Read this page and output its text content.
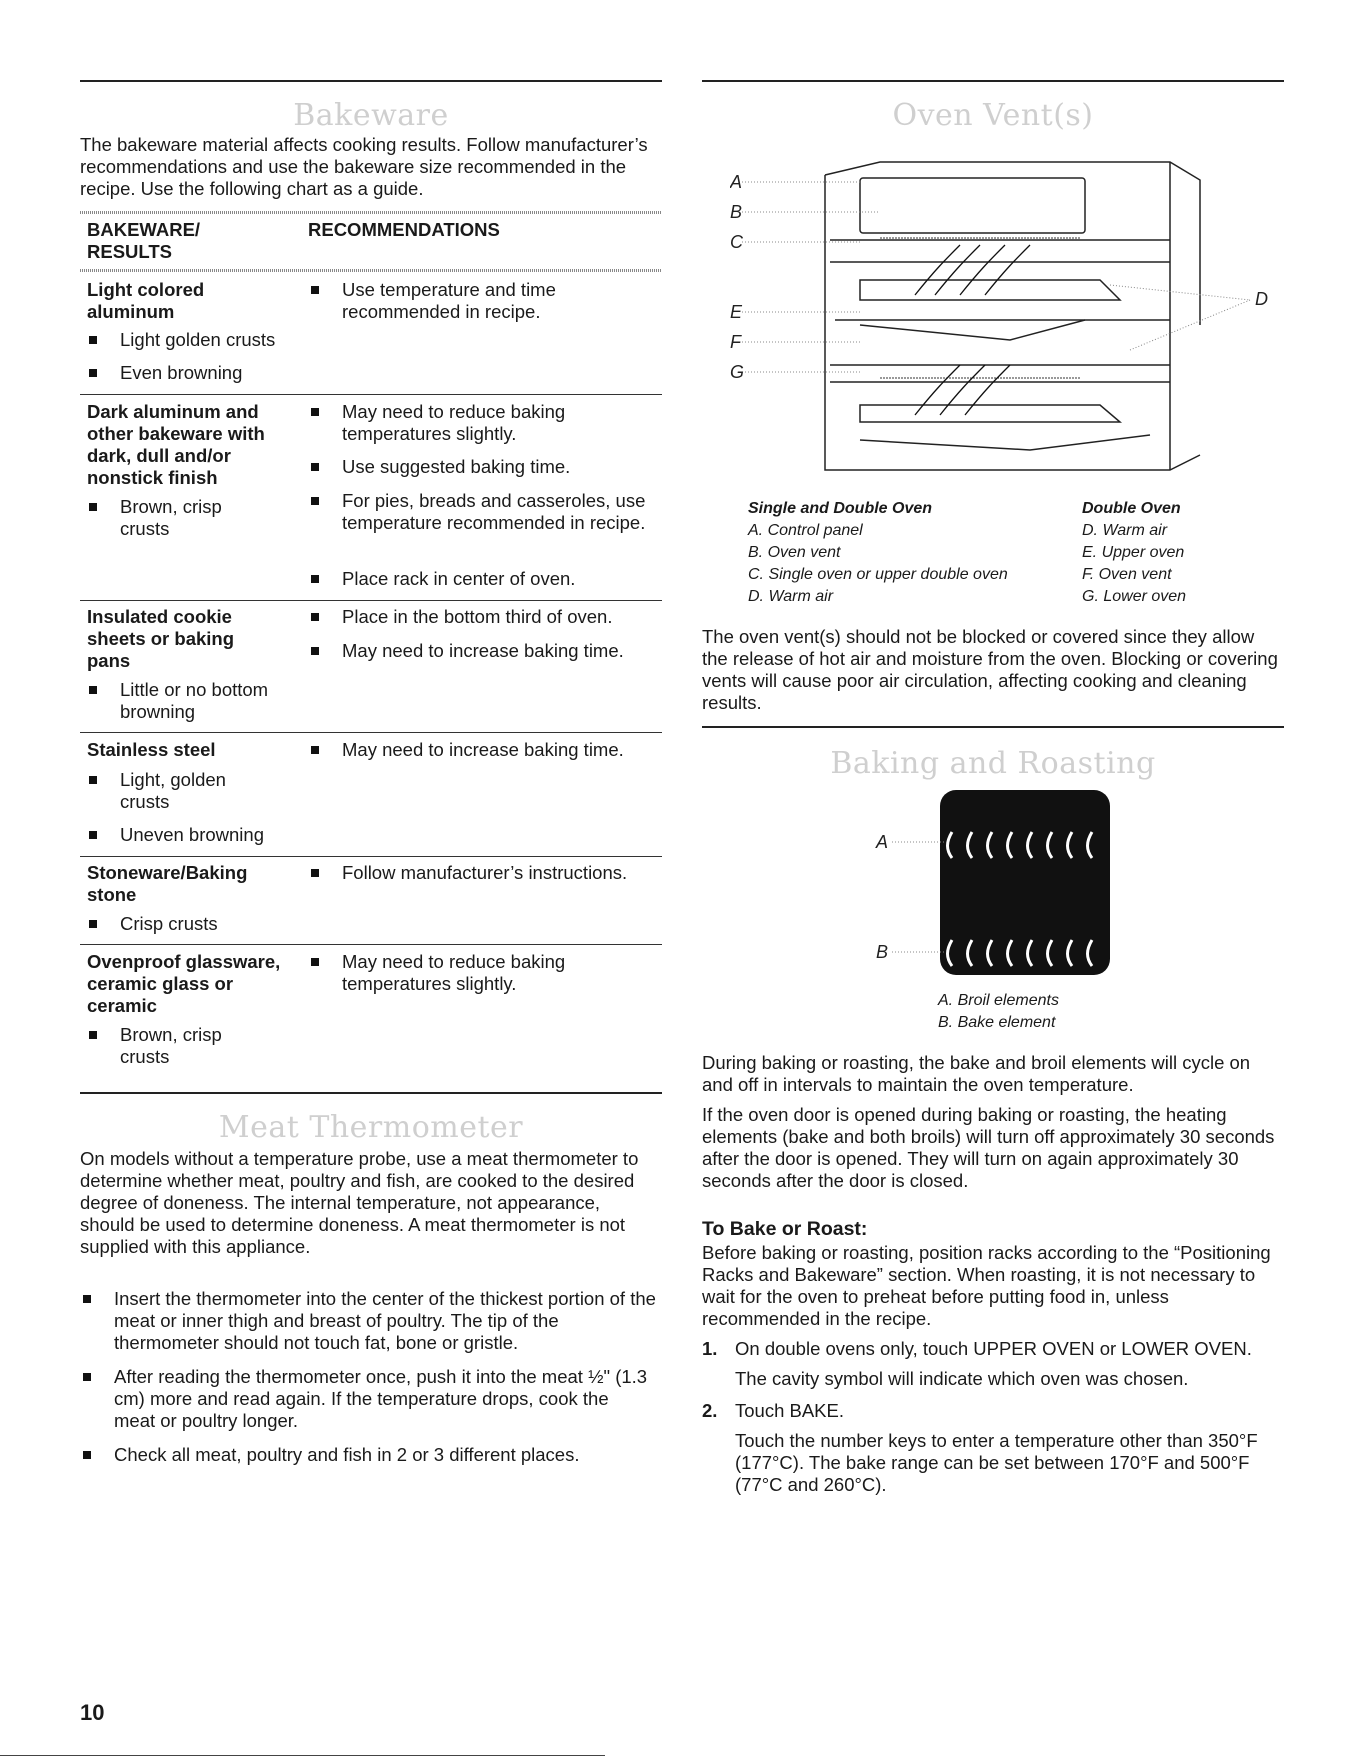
Bakeware
The bakeware material affects cooking results. Follow manufacturer’s recommendations and use the bakeware size recommended in the recipe. Use the following chart as a guide.
BAKEWARE/ RESULTS
RECOMMENDATIONS
Light colored aluminum
Light golden crusts
Even browning
Use temperature and time recommended in recipe.
Dark aluminum and other bakeware with dark, dull and/or nonstick finish
Brown, crisp crusts
May need to reduce baking temperatures slightly.
Use suggested baking time.
For pies, breads and casseroles, use temperature recommended in recipe.
Place rack in center of oven.
Insulated cookie sheets or baking pans
Little or no bottom browning
Place in the bottom third of oven.
May need to increase baking time.
Stainless steel
Light, golden crusts
Uneven browning
May need to increase baking time.
Stoneware/Baking stone
Crisp crusts
Follow manufacturer’s instructions.
Ovenproof glassware, ceramic glass or ceramic
Brown, crisp crusts
May need to reduce baking temperatures slightly.
Meat Thermometer
On models without a temperature probe, use a meat thermometer to determine whether meat, poultry and fish, are cooked to the desired degree of doneness. The internal temperature, not appearance, should be used to determine doneness. A meat thermometer is not supplied with this appliance.
Insert the thermometer into the center of the thickest portion of the meat or inner thigh and breast of poultry. The tip of the thermometer should not touch fat, bone or gristle.
After reading the thermometer once, push it into the meat ½" (1.3 cm) more and read again. If the temperature drops, cook the meat or poultry longer.
Check all meat, poultry and fish in 2 or 3 different places.
Oven Vent(s)
A
B
C
E
F
G
D
Single and Double Oven
A. Control panel
B. Oven vent
C. Single oven or upper double oven
D. Warm air
Double Oven
D. Warm air
E. Upper oven
F. Oven vent
G. Lower oven
The oven vent(s) should not be blocked or covered since they allow the release of hot air and moisture from the oven. Blocking or covering vents will cause poor air circulation, affecting cooking and cleaning results.
Baking and Roasting
A
B
A. Broil elements
B. Bake element
During baking or roasting, the bake and broil elements will cycle on and off in intervals to maintain the oven temperature.
If the oven door is opened during baking or roasting, the heating elements (bake and both broils) will turn off approximately 30 seconds after the door is opened. They will turn on again approximately 30 seconds after the door is closed.
To Bake or Roast:
Before baking or roasting, position racks according to the “Positioning Racks and Bakeware” section. When roasting, it is not necessary to wait for the oven to preheat before putting food in, unless recommended in the recipe.
1. On double ovens only, touch UPPER OVEN or LOWER OVEN.
The cavity symbol will indicate which oven was chosen.
2. Touch BAKE.
Touch the number keys to enter a temperature other than 350°F (177°C). The bake range can be set between 170°F and 500°F (77°C and 260°C).
10
